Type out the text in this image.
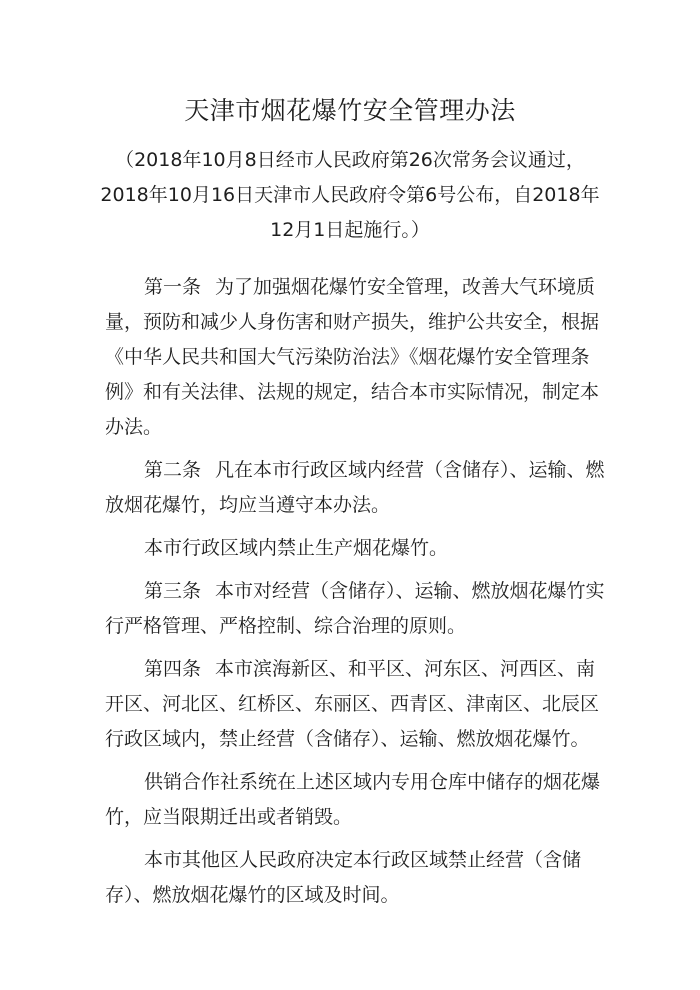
天津市烟花爆竹安全管理办法
（2018年10月8日经市人民政府第26次常务会议通过，
2018年10月16日天津市人民政府令第6号公布，自2018年
12月1日起施行。）

第一条 为了加强烟花爆竹安全管理，改善大气环境质
量，预防和减少人身伤害和财产损失，维护公共安全，根据
《中华人民共和国大气污染防治法》《烟花爆竹安全管理条
例》和有关法律、法规的规定，结合本市实际情况，制定本
办法。

第二条 凡在本市行政区域内经营（含储存）、运输、燃
放烟花爆竹，均应当遵守本办法。

本市行政区域内禁止生产烟花爆竹。

第三条 本市对经营（含储存）、运输、燃放烟花爆竹实
行严格管理、严格控制、综合治理的原则。

第四条 本市滨海新区、和平区、河东区、河西区、南
开区、河北区、红桥区、东丽区、西青区、津南区、北辰区
行政区域内，禁止经营（含储存）、运输、燃放烟花爆竹。

供销合作社系统在上述区域内专用仓库中储存的烟花爆
竹，应当限期迁出或者销毁。

本市其他区人民政府决定本行政区域禁止经营（含储
存）、燃放烟花爆竹的区域及时间。
